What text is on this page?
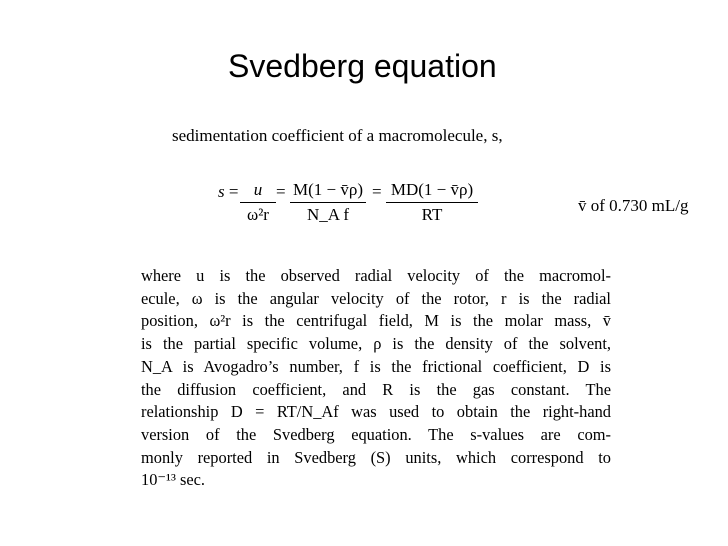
Svedberg equation
sedimentation coefficient of a macromolecule, s,
$s = \frac{u}{\text{ω²r}} = \frac{M(1 - v̄\rho)}{\text{N\_A f}} = \frac{MD(1 - v̄\rho)}{RT}$	v̄ of 0.730 mL/g
where u is the observed radial velocity of the macromol-
ecule, ω is the angular velocity of the rotor, r is the radial
position, ω²r is the centrifugal field, M is the molar mass, v̄
is the partial specific volume, ρ is the density of the solvent,
N_A is Avogadro’s number, f is the frictional coefficient, D is
the diffusion coefficient, and R is the gas constant. The
relationship D = RT/N_Af was used to obtain the right-hand
version of the Svedberg equation. The s-values are com-
monly reported in Svedberg (S) units, which correspond to
10⁻¹³ sec.
